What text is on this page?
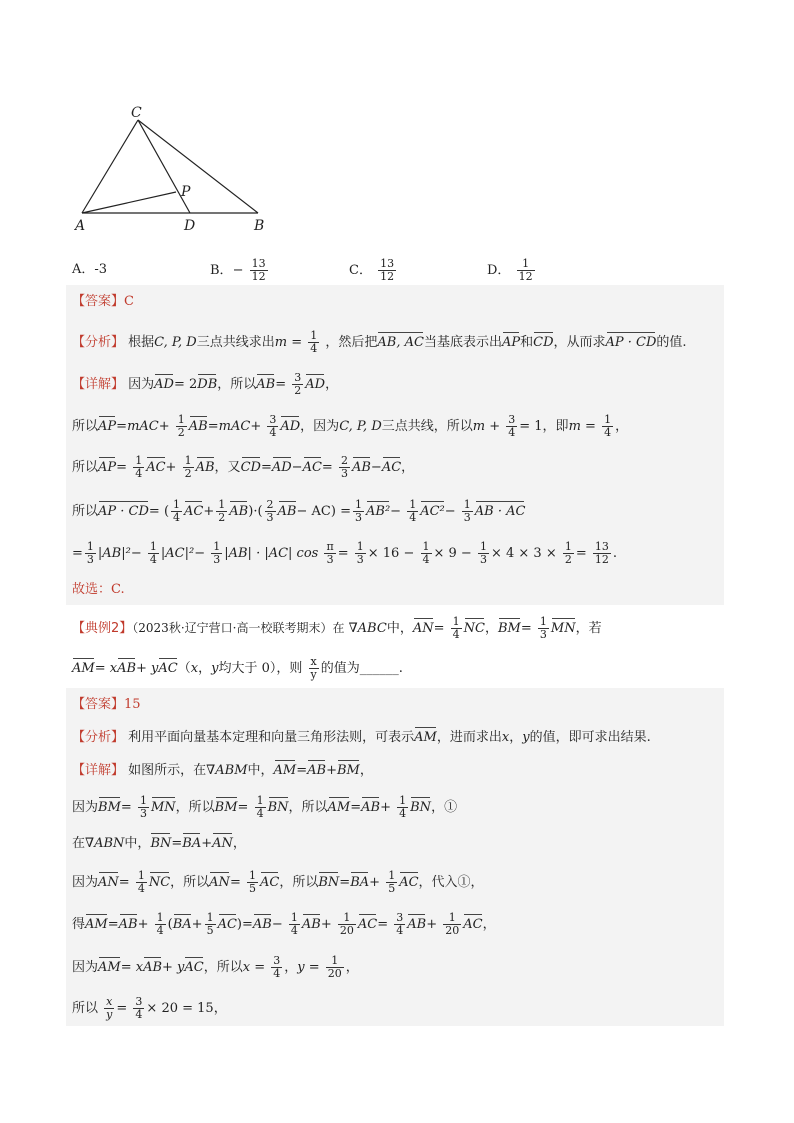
C
P
A	D	B
A．-3	B．− $\frac{13}{12}$	C． $\frac{13}{12}$	D． $\frac{1}{12}$
【答案】C
【分析】 根据C, P, D三点共线求出$m = \frac{1}{4}$ ，然后把AB, AC当基底表示出AP和CD，从而求AP · CD的值.
【详解】 因为AD= 2DB，所以$AB= \frac{3}{2}$ AD，
所以$AP=mAC+ \frac{1}{2} AB=mAC+ \frac{3}{4}$ AD，因为C, P, D三点共线，所以$m + \frac{3}{4} = 1$，即$m = \frac{1}{4}$ ，
所以$AP= \frac{1}{4} AC+ \frac{1}{2}$ AB，又$CD=AD-AC= \frac{2}{3} AB-AC$，
所以AP · CD= ( $\frac{1}{4} AC+ \frac{1}{2} AB)\cdot( \frac{2}{3} AB- AC) = \frac{1}{3} AB^2- \frac{1}{4} AC^2- \frac{1}{3}$ AB · AC
= $\frac{1}{3} |AB|^2- \frac{1}{4} |AC|^2- \frac{1}{3} |AB| \cdot |AC|$ $\cos \frac{\pi}{3} = \frac{1}{3} \times 16 - \frac{1}{4} \times 9 - \frac{1}{3} \times 4 \times 3 \times \frac{1}{2} = \frac{13}{12}$ .
故选：C.
【典例2】（2023秋·辽宁营口·高一校联考期末）在 ∇ABC中，$AN= \frac{1}{4}$ NC，$BM= \frac{1}{3}$ MN，若
AM= xAB+ yAC（x，y均大于 0），则 $\frac{x}{y}$ 的值为______.
【答案】15
【分析】 利用平面向量基本定理和向量三角形法则，可表示AM，进而求出x，y的值，即可求出结果.
【详解】 如图所示，在∇ABM中，AM=AB+BM，
因为$BM= \frac{1}{3}$ MN，所以$BM= \frac{1}{4}$ BN，所以$AM=AB+ \frac{1}{4}$ BN，①
在∇ABN中，BN=BA+AN，
因为$AN= \frac{1}{4}$ NC，所以$AN= \frac{1}{5}$ AC，所以$BN=BA+ \frac{1}{5}$ AC，代入①，
得$AM=AB+ \frac{1}{4} (BA+ \frac{1}{5} AC)=AB- \frac{1}{4} AB+ \frac{1}{20} AC= \frac{3}{4} AB+ \frac{1}{20}$ AC，
因为AM= xAB+ yAC，所以$x = \frac{3}{4}$ ，$y = \frac{1}{20}$ ，
所以 $\frac{x}{y} = \frac{3}{4} \times 20 = 15$，
